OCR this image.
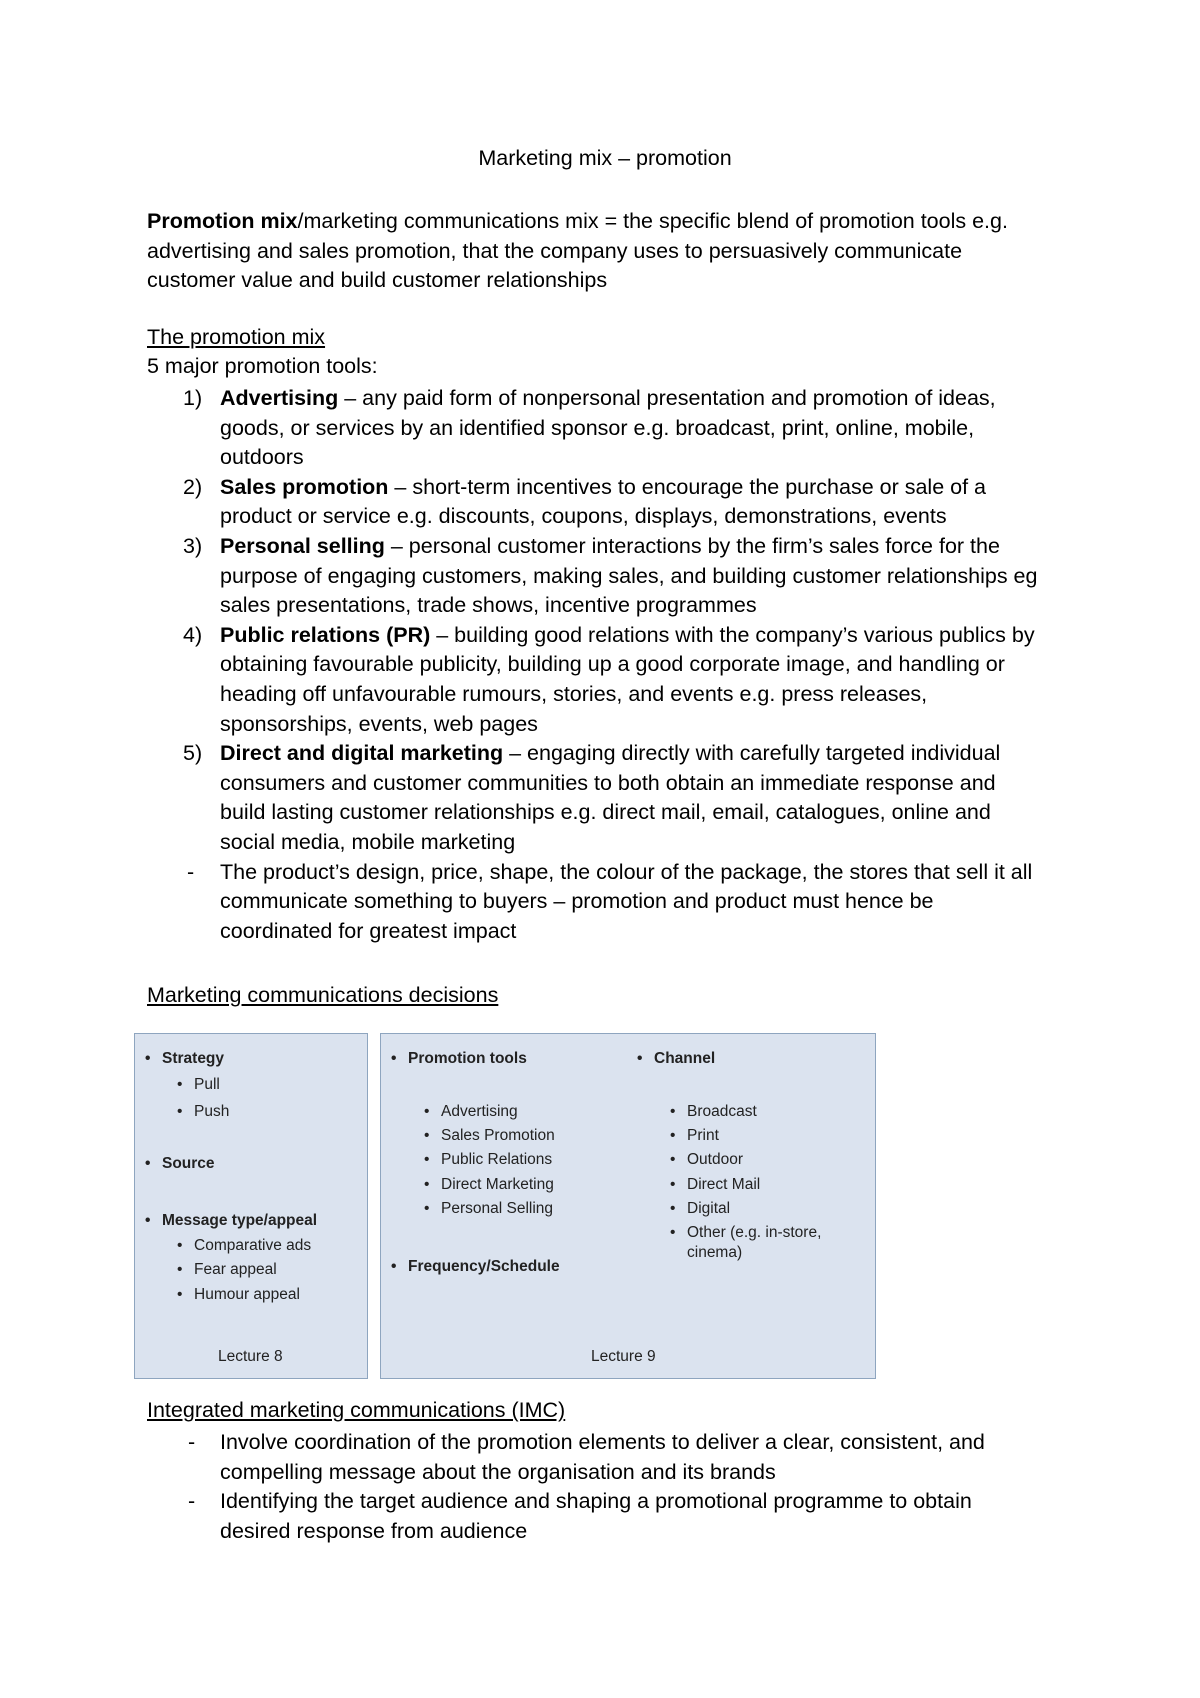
Marketing mix – promotion
Promotion mix/marketing communications mix = the specific blend of promotion tools e.g.
advertising and sales promotion, that the company uses to persuasively communicate
customer value and build customer relationships
The promotion mix
5 major promotion tools:
1) Advertising – any paid form of nonpersonal presentation and promotion of ideas,
goods, or services by an identified sponsor e.g. broadcast, print, online, mobile,
outdoors
2) Sales promotion – short-term incentives to encourage the purchase or sale of a
product or service e.g. discounts, coupons, displays, demonstrations, events
3) Personal selling – personal customer interactions by the firm’s sales force for the
purpose of engaging customers, making sales, and building customer relationships eg
sales presentations, trade shows, incentive programmes
4) Public relations (PR) – building good relations with the company’s various publics by
obtaining favourable publicity, building up a good corporate image, and handling or
heading off unfavourable rumours, stories, and events e.g. press releases,
sponsorships, events, web pages
5) Direct and digital marketing – engaging directly with carefully targeted individual
consumers and customer communities to both obtain an immediate response and
build lasting customer relationships e.g. direct mail, email, catalogues, online and
social media, mobile marketing
- The product’s design, price, shape, the colour of the package, the stores that sell it all
communicate something to buyers – promotion and product must hence be
coordinated for greatest impact
Marketing communications decisions
• Strategy
• Pull
• Push
• Source
• Message type/appeal
• Comparative ads
• Fear appeal
• Humour appeal
Lecture 8
• Promotion tools
• Advertising
• Sales Promotion
• Public Relations
• Direct Marketing
• Personal Selling
• Frequency/Schedule
• Channel
• Broadcast
• Print
• Outdoor
• Direct Mail
• Digital
• Other (e.g. in-store,
cinema)
Lecture 9
Integrated marketing communications (IMC)
- Involve coordination of the promotion elements to deliver a clear, consistent, and
compelling message about the organisation and its brands
- Identifying the target audience and shaping a promotional programme to obtain
desired response from audience
